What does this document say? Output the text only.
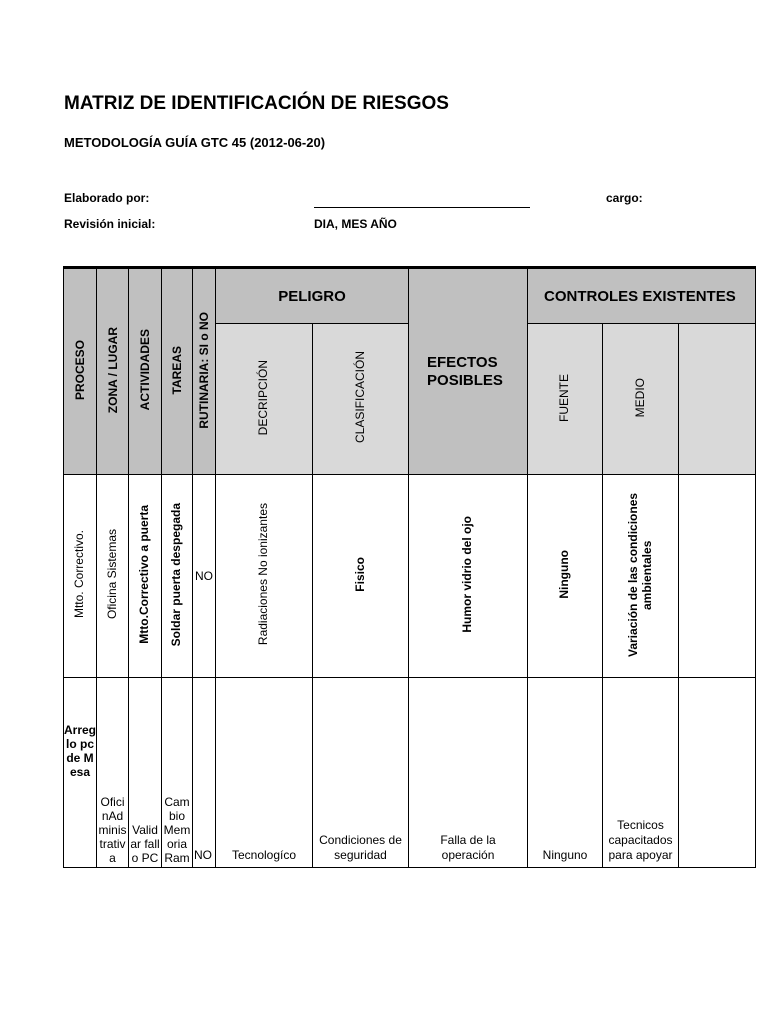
MATRIZ DE IDENTIFICACIÓN DE RIESGOS
METODOLOGÍA GUÍA GTC 45 (2012-06-20)
Elaborado por:	cargo:
Revisión inicial:	DIA, MES AÑO
PROCESO	ZONA / LUGAR	ACTIVIDADES	TAREAS	RUTINARIA: SI o NO	PELIGRO		EFECTOS POSIBLES	CONTROLES EXISTENTES		
					DECRIPCIÓN	CLASIFICACIÓN		FUENTE	MEDIO	
Mtto. Correctivo.	Oficina Sistemas	Mtto.Correctivo a puerta	Soldar puerta despegada	NO	Radiaciones No ionizantes	Fisico	Humor vidrio del ojo	Ninguno	Variación de las condiciones ambientales	
Arreglo pc de Mesa	OficinAdministrativa	Validar fallo PC	Cambio Memoria Ram	NO	Tecnologíco	Condiciones de seguridad	Falla de la operación	Ninguno	Tecnicos capacitados para apoyar	
